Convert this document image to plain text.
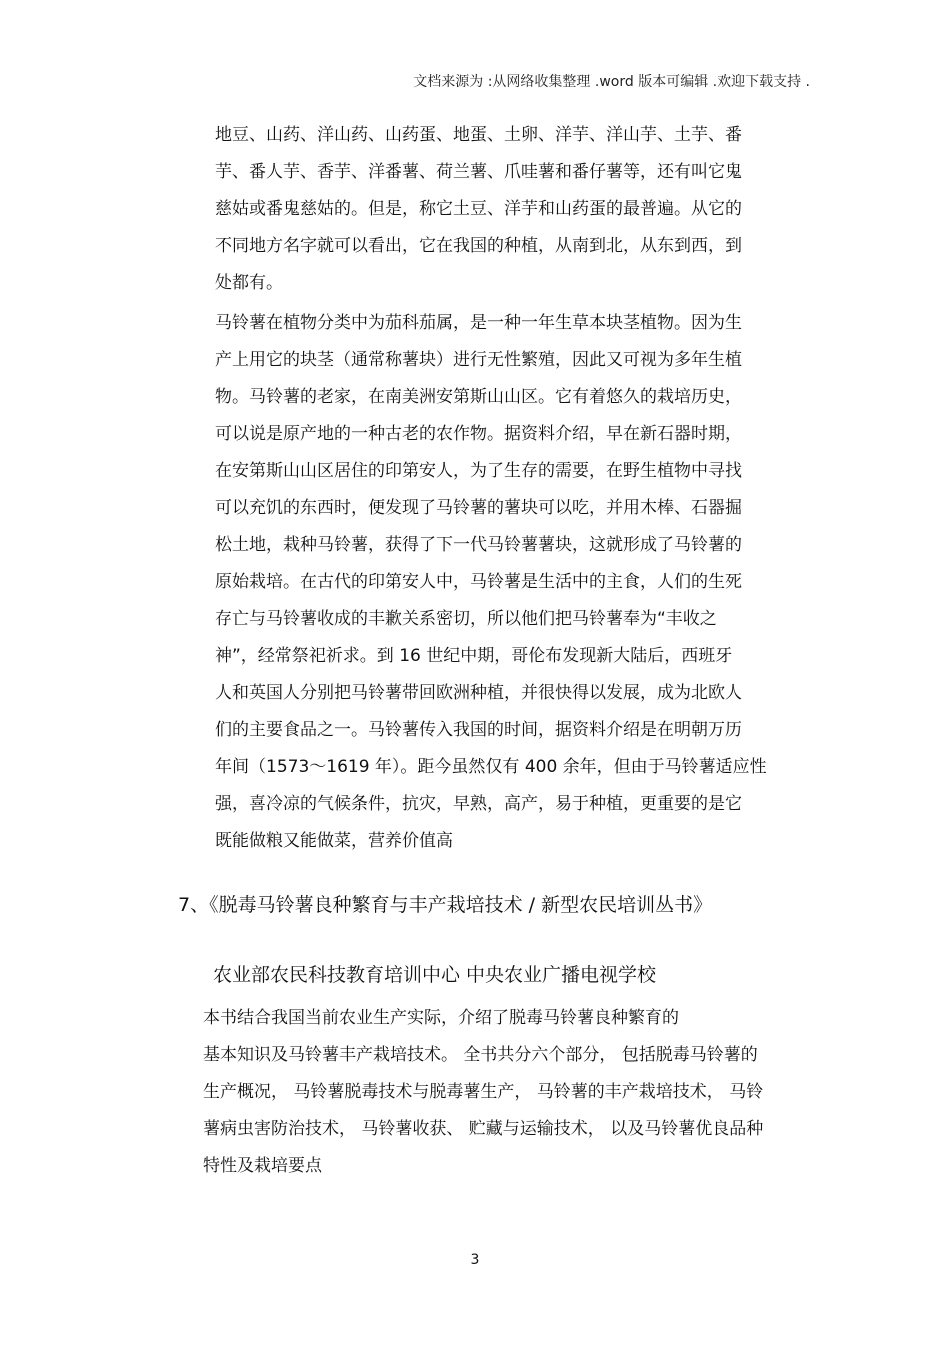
文档来源为 :从网络收集整理 .word 版本可编辑 .欢迎下载支持 .
地豆、山药、洋山药、山药蛋、地蛋、土卵、洋芋、洋山芋、土芋、番
芋、番人芋、香芋、洋番薯、荷兰薯、爪哇薯和番仔薯等，还有叫它鬼
慈姑或番鬼慈姑的。但是，称它土豆、洋芋和山药蛋的最普遍。从它的
不同地方名字就可以看出，它在我国的种植，从南到北，从东到西，到
处都有。
马铃薯在植物分类中为茄科茄属，是一种一年生草本块茎植物。因为生
产上用它的块茎（通常称薯块）进行无性繁殖，因此又可视为多年生植
物。马铃薯的老家，在南美洲安第斯山山区。它有着悠久的栽培历史，
可以说是原产地的一种古老的农作物。据资料介绍，早在新石器时期，
在安第斯山山区居住的印第安人，为了生存的需要，在野生植物中寻找
可以充饥的东西时，便发现了马铃薯的薯块可以吃，并用木棒、石器掘
松土地，栽种马铃薯，获得了下一代马铃薯薯块，这就形成了马铃薯的
原始栽培。在古代的印第安人中，马铃薯是生活中的主食，人们的生死
存亡与马铃薯收成的丰歉关系密切，所以他们把马铃薯奉为“丰收之
神”，经常祭祀祈求。到 16 世纪中期，哥伦布发现新大陆后，西班牙
人和英国人分别把马铃薯带回欧洲种植，并很快得以发展，成为北欧人
们的主要食品之一。马铃薯传入我国的时间，据资料介绍是在明朝万历
年间（1573～1619 年）。距今虽然仅有 400 余年，但由于马铃薯适应性
强，喜冷凉的气候条件，抗灾，早熟，高产，易于种植，更重要的是它
既能做粮又能做菜，营养价值高
7、《脱毒马铃薯良种繁育与丰产栽培技术 / 新型农民培训丛书》
农业部农民科技教育培训中心 中央农业广播电视学校
本书结合我国当前农业生产实际，介绍了脱毒马铃薯良种繁育的
基本知识及马铃薯丰产栽培技术。 全书共分六个部分， 包括脱毒马铃薯的
生产概况， 马铃薯脱毒技术与脱毒薯生产， 马铃薯的丰产栽培技术， 马铃
薯病虫害防治技术， 马铃薯收获、 贮藏与运输技术， 以及马铃薯优良品种
特性及栽培要点
3
